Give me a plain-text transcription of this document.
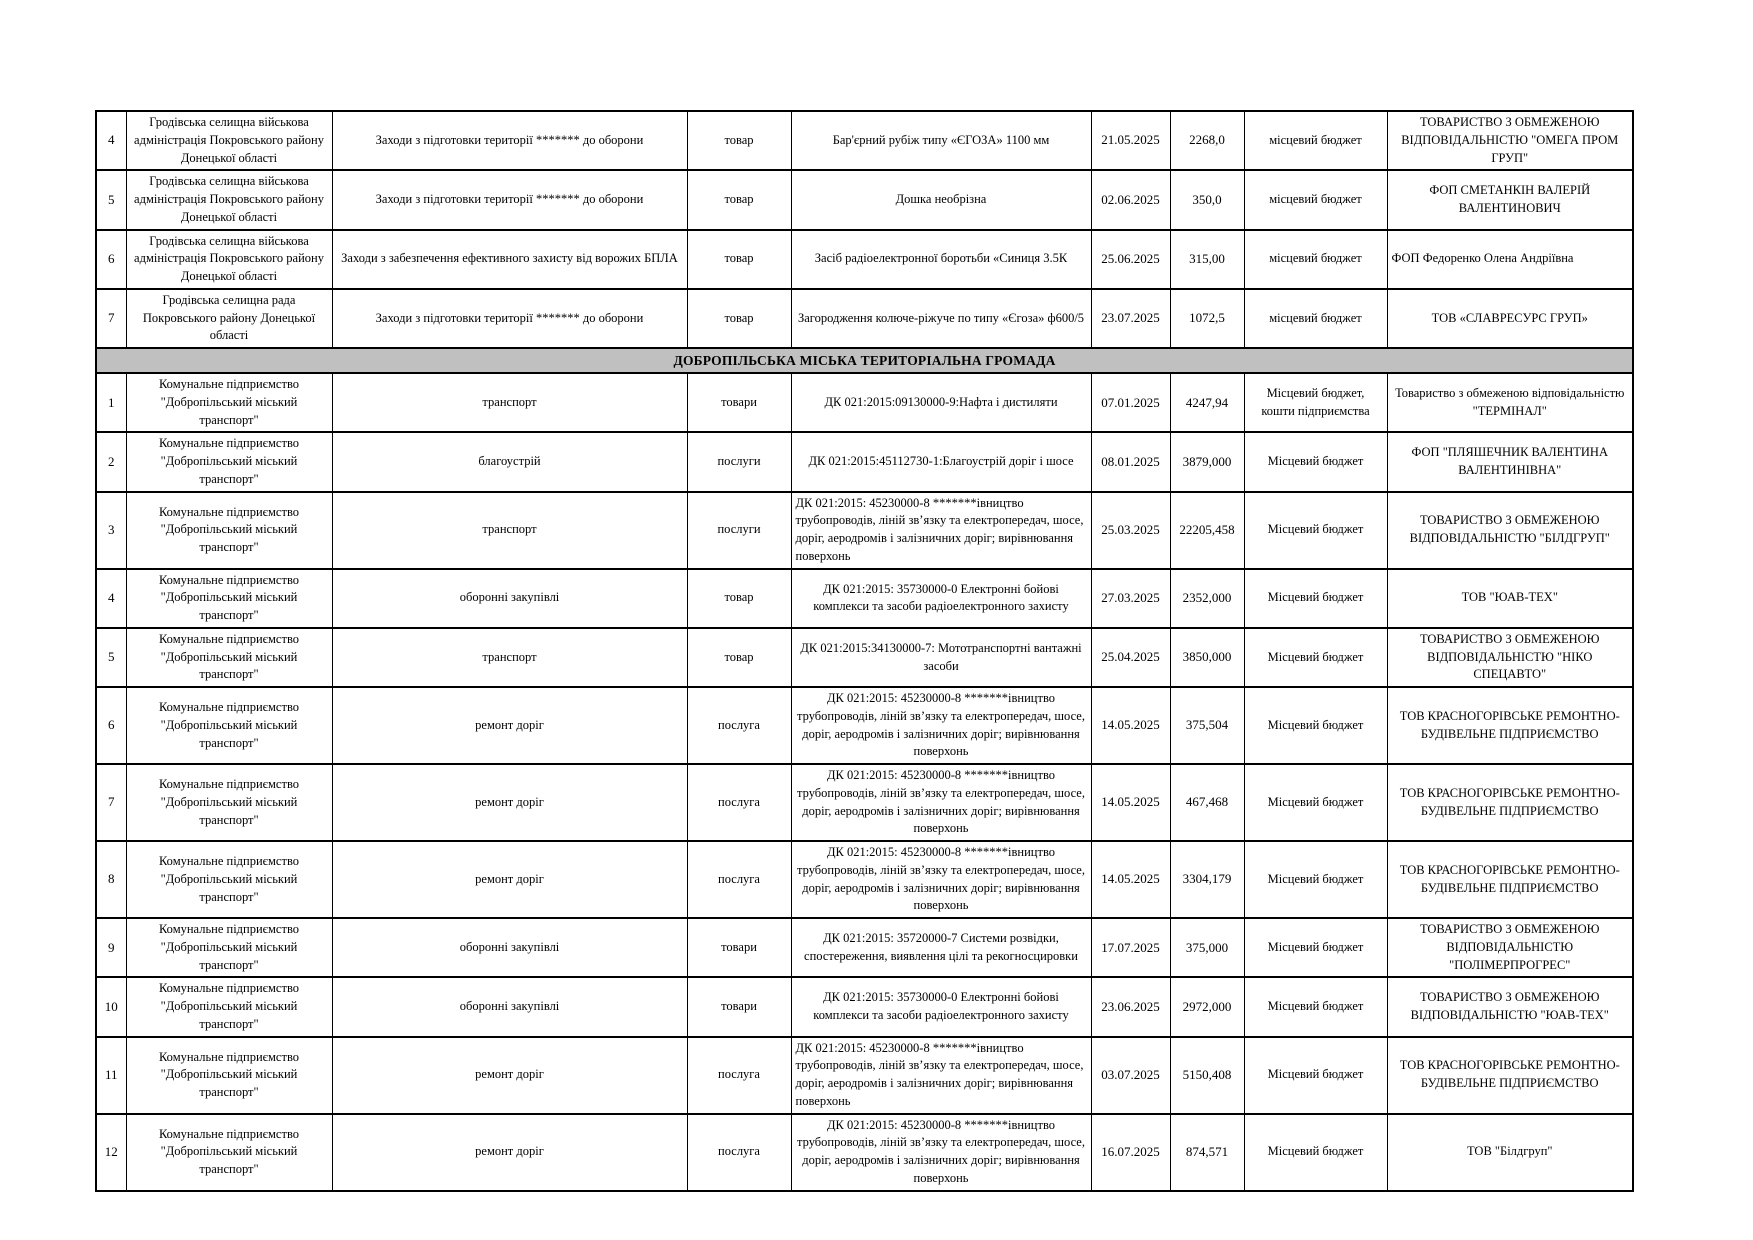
4	Гродівська селищна військова адміністрація Покровського району Донецької області	Заходи з підготовки території ******* до оборони	товар	Бар'єрний рубіж типу «ЄГОЗА» 1100 мм	21.05.2025	2268,0	місцевий бюджет	ТОВАРИСТВО З ОБМЕЖЕНОЮ ВІДПОВІДАЛЬНІСТЮ "ОМЕГА ПРОМ ГРУП"
5	Гродівська селищна військова адміністрація Покровського району Донецької області	Заходи з підготовки території ******* до оборони	товар	Дошка необрізна	02.06.2025	350,0	місцевий бюджет	ФОП СМЕТАНКІН ВАЛЕРІЙ ВАЛЕНТИНОВИЧ
6	Гродівська селищна військова адміністрація Покровського району Донецької області	Заходи з забезпечення ефективного захисту від ворожих БПЛА	товар	Засіб радіоелектронної боротьби «Синиця 3.5К	25.06.2025	315,00	місцевий бюджет	ФОП Федоренко Олена Андріївна
7	Гродівська селищна рада Покровського району Донецької області	Заходи з підготовки території ******* до оборони	товар	Загородження колюче-ріжуче по типу «Єгоза» ф600/5	23.07.2025	1072,5	місцевий бюджет	ТОВ «СЛАВРЕСУРС ГРУП»
ДОБРОПІЛЬСЬКА МІСЬКА ТЕРИТОРІАЛЬНА ГРОМАДА								
1	Комунальне підприємство "Добропільський міський транспорт"	транспорт	товари	ДК 021:2015:09130000-9:Нафта і дистиляти	07.01.2025	4247,94	Місцевий бюджет, кошти підприємства	Товариство з обмеженою відповідальністю "ТЕРМІНАЛ"
2	Комунальне підприємство "Добропільський міський транспорт"	благоустрій	послуги	ДК 021:2015:45112730-1:Благоустрій доріг і шосе	08.01.2025	3879,000	Місцевий бюджет	ФОП "ПЛЯШЕЧНИК ВАЛЕНТИНА ВАЛЕНТИНІВНА"
3	Комунальне підприємство "Добропільський міський транспорт"	транспорт	послуги	ДК 021:2015: 45230000-8 *******івництво трубопроводів, ліній зв’язку та електропередач, шосе, доріг, аеродромів і залізничних доріг; вирівнювання поверхонь	25.03.2025	22205,458	Місцевий бюджет	ТОВАРИСТВО З ОБМЕЖЕНОЮ ВІДПОВІДАЛЬНІСТЮ "БІЛДГРУП"
4	Комунальне підприємство "Добропільський міський транспорт"	оборонні закупівлі	товар	ДК 021:2015: 35730000-0 Електронні бойові комплекси та засоби радіоелектронного захисту	27.03.2025	2352,000	Місцевий бюджет	ТОВ "ЮАВ-ТЕХ"
5	Комунальне підприємство "Добропільський міський транспорт"	транспорт	товар	ДК 021:2015:34130000-7: Мототранспортні вантажні засоби	25.04.2025	3850,000	Місцевий бюджет	ТОВАРИСТВО З ОБМЕЖЕНОЮ ВІДПОВІДАЛЬНІСТЮ "НІКО СПЕЦАВТО"
6	Комунальне підприємство "Добропільський міський транспорт"	ремонт доріг	послуга	ДК 021:2015: 45230000-8 *******івництво трубопроводів, ліній зв’язку та електропередач, шосе, доріг, аеродромів і залізничних доріг; вирівнювання поверхонь	14.05.2025	375,504	Місцевий бюджет	ТОВ КРАСНОГОРІВСЬКЕ РЕМОНТНО-БУДІВЕЛЬНЕ ПІДПРИЄМСТВО
7	Комунальне підприємство "Добропільський міський транспорт"	ремонт доріг	послуга	ДК 021:2015: 45230000-8 *******івництво трубопроводів, ліній зв’язку та електропередач, шосе, доріг, аеродромів і залізничних доріг; вирівнювання поверхонь	14.05.2025	467,468	Місцевий бюджет	ТОВ КРАСНОГОРІВСЬКЕ РЕМОНТНО-БУДІВЕЛЬНЕ ПІДПРИЄМСТВО
8	Комунальне підприємство "Добропільський міський транспорт"	ремонт доріг	послуга	ДК 021:2015: 45230000-8 *******івництво трубопроводів, ліній зв’язку та електропередач, шосе, доріг, аеродромів і залізничних доріг; вирівнювання поверхонь	14.05.2025	3304,179	Місцевий бюджет	ТОВ КРАСНОГОРІВСЬКЕ РЕМОНТНО-БУДІВЕЛЬНЕ ПІДПРИЄМСТВО
9	Комунальне підприємство "Добропільський міський транспорт"	оборонні закупівлі	товари	ДК 021:2015: 35720000-7 Системи розвідки, спостереження, виявлення цілі та рекогносцировки	17.07.2025	375,000	Місцевий бюджет	ТОВАРИСТВО З ОБМЕЖЕНОЮ ВІДПОВІДАЛЬНІСТЮ "ПОЛІМЕРПРОГРЕС"
10	Комунальне підприємство "Добропільський міський транспорт"	оборонні закупівлі	товари	ДК 021:2015: 35730000-0 Електронні бойові комплекси та засоби радіоелектронного захисту	23.06.2025	2972,000	Місцевий бюджет	ТОВАРИСТВО З ОБМЕЖЕНОЮ ВІДПОВІДАЛЬНІСТЮ "ЮАВ-ТЕХ"
11	Комунальне підприємство "Добропільський міський транспорт"	ремонт доріг	послуга	ДК 021:2015: 45230000-8 *******івництво трубопроводів, ліній зв’язку та електропередач, шосе, доріг, аеродромів і залізничних доріг; вирівнювання поверхонь	03.07.2025	5150,408	Місцевий бюджет	ТОВ КРАСНОГОРІВСЬКЕ РЕМОНТНО-БУДІВЕЛЬНЕ ПІДПРИЄМСТВО
12	Комунальне підприємство "Добропільський міський транспорт"	ремонт доріг	послуга	ДК 021:2015: 45230000-8 *******івництво трубопроводів, ліній зв’язку та електропередач, шосе, доріг, аеродромів і залізничних доріг; вирівнювання поверхонь	16.07.2025	874,571	Місцевий бюджет	ТОВ "Білдгруп"
